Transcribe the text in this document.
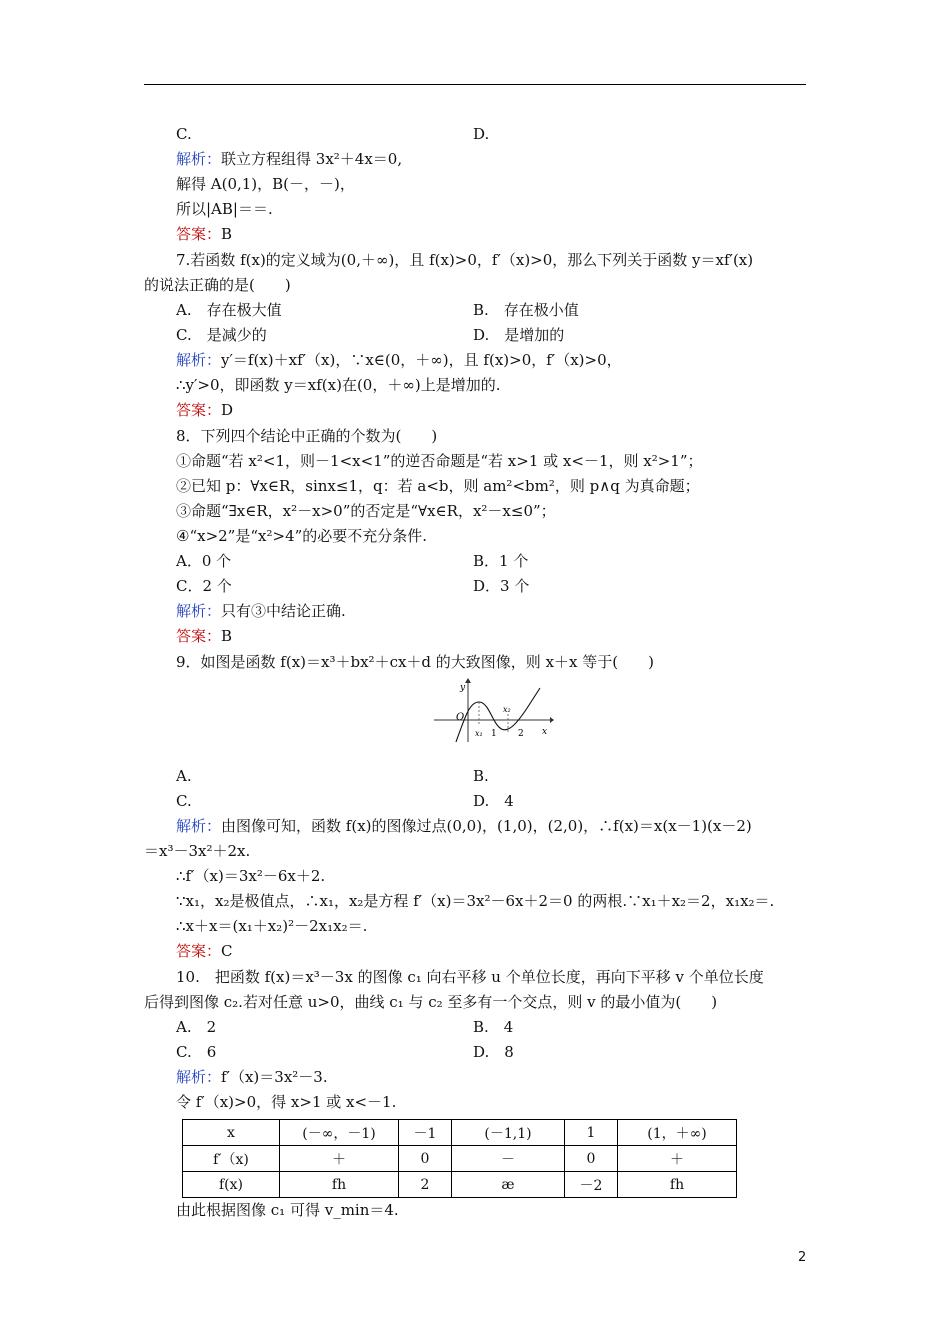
C.	D.
解析：联立方程组得 3x²＋4x＝0,
解得 A(0,1)，B(－，－)，
所以|AB|＝＝.
答案：B
7.若函数 f(x)的定义域为(0,＋∞)，且 f(x)>0，f′（x)>0，那么下列关于函数 y＝xf′(x)
的说法正确的是(　　)
A.　存在极大值	B.　存在极小值
C.　是减少的	D.　是增加的
解析：y′＝f(x)＋xf′（x)，∵x∈(0，＋∞)，且 f(x)>0，f′（x)>0，
∴y′>0，即函数 y＝xf(x)在(0，＋∞)上是增加的.
答案：D
8．下列四个结论中正确的个数为(　　)
①命题“若 x²<1，则－1<x<1”的逆否命题是“若 x>1 或 x<－1，则 x²>1”；
②已知 p：∀x∈R，sinx≤1，q：若 a<b，则 am²<bm²，则 p∧q 为真命题；
③命题“∃x∈R，x²－x>0”的否定是“∀x∈R，x²－x≤0”；
④“x>2”是“x²>4”的必要不充分条件.
A．0 个	B．1 个
C．2 个	D．3 个
解析：只有③中结论正确.
答案：B
9．如图是函数 f(x)＝x³＋bx²＋cx＋d 的大致图像，则 x＋x 等于(　　)
y
x
O
x₁
x₂
1 2
A.	B.
C.	D.　4
解析：由图像可知，函数 f(x)的图像过点(0,0)，(1,0)，(2,0)，∴f(x)＝x(x－1)(x－2)
＝x³－3x²＋2x.
∴f′（x)＝3x²－6x＋2.
∵x₁，x₂是极值点，∴x₁，x₂是方程 f′（x)＝3x²－6x＋2＝0 的两根.∵x₁＋x₂＝2，x₁x₂＝.
∴x＋x＝(x₁＋x₂)²－2x₁x₂＝.
答案：C
10.　把函数 f(x)＝x³－3x 的图像 c₁ 向右平移 u 个单位长度，再向下平移 v 个单位长度
后得到图像 c₂.若对任意 u>0，曲线 c₁ 与 c₂ 至多有一个交点，则 v 的最小值为(　　)
A.　2	B.　4
C.　6	D.　8
解析：f′（x)＝3x²－3.
令 f′（x)>0，得 x>1 或 x<－1.
x	(－∞，－1)	－1	(－1,1)	1	(1，＋∞)
f′（x)	＋	0	－	0	＋
f(x)	fh	2	æ	－2	fh
由此根据图像 c₁ 可得 v_min＝4.
2
